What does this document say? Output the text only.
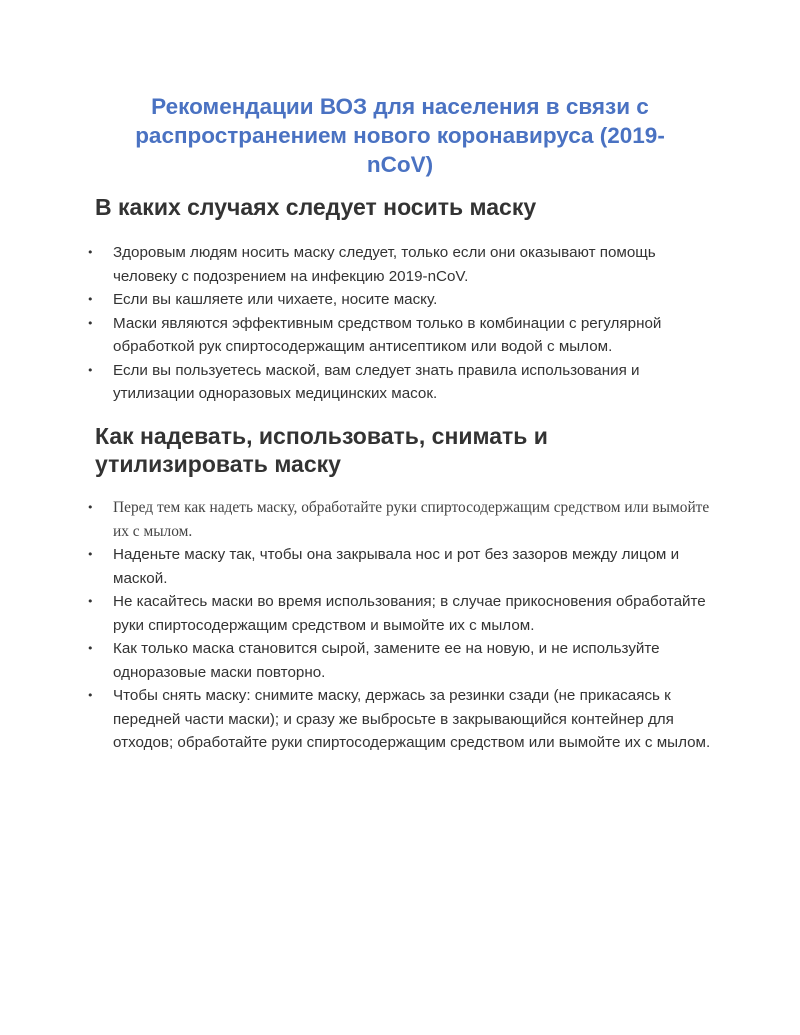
Рекомендации ВОЗ для населения в связи с распространением нового коронавируса (2019-nCoV)
В каких случаях следует носить маску
• Здоровым людям носить маску следует, только если они оказывают помощь человеку с подозрением на инфекцию 2019-nCoV.
• Если вы кашляете или чихаете, носите маску.
• Маски являются эффективным средством только в комбинации с регулярной обработкой рук спиртосодержащим антисептиком или водой с мылом.
• Если вы пользуетесь маской, вам следует знать правила использования и утилизации одноразовых медицинских масок.
Как надевать, использовать, снимать и утилизировать маску
• Перед тем как надеть маску, обработайте руки спиртосодержащим средством или вымойте их с мылом.
• Наденьте маску так, чтобы она закрывала нос и рот без зазоров между лицом и маской.
• Не касайтесь маски во время использования; в случае прикосновения обработайте руки спиртосодержащим средством и вымойте их с мылом.
• Как только маска становится сырой, замените ее на новую, и не используйте одноразовые маски повторно.
• Чтобы снять маску: снимите маску, держась за резинки сзади (не прикасаясь к передней части маски); и сразу же выбросьте в закрывающийся контейнер для отходов; обработайте руки спиртосодержащим средством или вымойте их с мылом.
